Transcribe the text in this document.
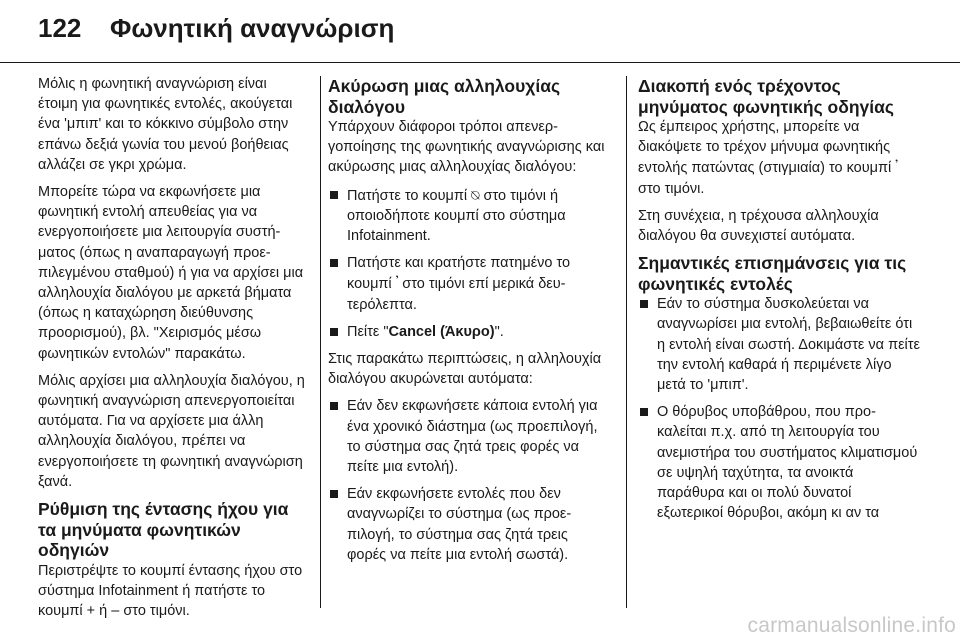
122 Φωνητική αναγνώριση

Μόλις η φωνητική αναγνώριση είναι έτοιμη για φωνητικές εντολές, ακούγεται ένα 'μπιπ' και το κόκκινο σύμβολο στην επάνω δεξιά γωνία του μενού βοήθειας αλλάζει σε γκρι χρώμα.

Μπορείτε τώρα να εκφωνήσετε μια φωνητική εντολή απευθείας για να ενεργοποιήσετε μια λειτουργία συστήματος (όπως η αναπαραγωγή προεπιλεγμένου σταθμού) ή για να αρχίσει μια αλληλουχία διαλόγου με αρκετά βήματα (όπως η καταχώρηση διεύθυνσης προορισμού), βλ. "Χειρισμός μέσω φωνητικών εντολών" παρακάτω.

Μόλις αρχίσει μια αλληλουχία διαλόγου, η φωνητική αναγνώριση απενεργοποιείται αυτόματα. Για να αρχίσετε μια άλλη αλληλουχία διαλόγου, πρέπει να ενεργοποιήσετε τη φωνητική αναγνώριση ξανά.

Ρύθμιση της έντασης ήχου για τα μηνύματα φωνητικών οδηγιών

Περιστρέψτε το κουμπί έντασης ήχου στο σύστημα Infotainment ή πατήστε το κουμπί + ή – στο τιμόνι.

Ακύρωση μιας αλληλουχίας διαλόγου

Υπάρχουν διάφοροι τρόποι απενεργοποίησης της φωνητικής αναγνώρισης και ακύρωσης μιας αλληλουχίας διαλόγου:

Πατήστε το κουμπί ⍉ στο τιμόνι ή οποιοδήποτε κουμπί στο σύστημα Infotainment.
Πατήστε και κρατήστε πατημένο το κουμπί 𝄒 στο τιμόνι επί μερικά δευτερόλεπτα.
Πείτε "Cancel (Άκυρο)".

Στις παρακάτω περιπτώσεις, η αλληλουχία διαλόγου ακυρώνεται αυτόματα:

Εάν δεν εκφωνήσετε κάποια εντολή για ένα χρονικό διάστημα (ως προεπιλογή, το σύστημα σας ζητά τρεις φορές να πείτε μια εντολή).
Εάν εκφωνήσετε εντολές που δεν αναγνωρίζει το σύστημα (ως προεπιλογή, το σύστημα σας ζητά τρεις φορές να πείτε μια εντολή σωστά).
Διακοπή ενός τρέχοντος μηνύματος φωνητικής οδηγίας

Ως έμπειρος χρήστης, μπορείτε να διακόψετε το τρέχον μήνυμα φωνητικής εντολής πατώντας (στιγμιαία) το κουμπί 𝄒 στο τιμόνι.

Στη συνέχεια, η τρέχουσα αλληλουχία διαλόγου θα συνεχιστεί αυτόματα.

Σημαντικές επισημάνσεις για τις φωνητικές εντολές
Εάν το σύστημα δυσκολεύεται να αναγνωρίσει μια εντολή, βεβαιωθείτε ότι η εντολή είναι σωστή. Δοκιμάστε να πείτε την εντολή καθαρά ή περιμένετε λίγο μετά το 'μπιπ'.
Ο θόρυβος υποβάθρου, που προκαλείται π.χ. από τη λειτουργία του ανεμιστήρα του συστήματος κλιματισμού σε υψηλή ταχύτητα, τα ανοικτά παράθυρα και οι πολύ δυνατοί εξωτερικοί θόρυβοι, ακόμη κι αν τα
carmanualsonline.info
